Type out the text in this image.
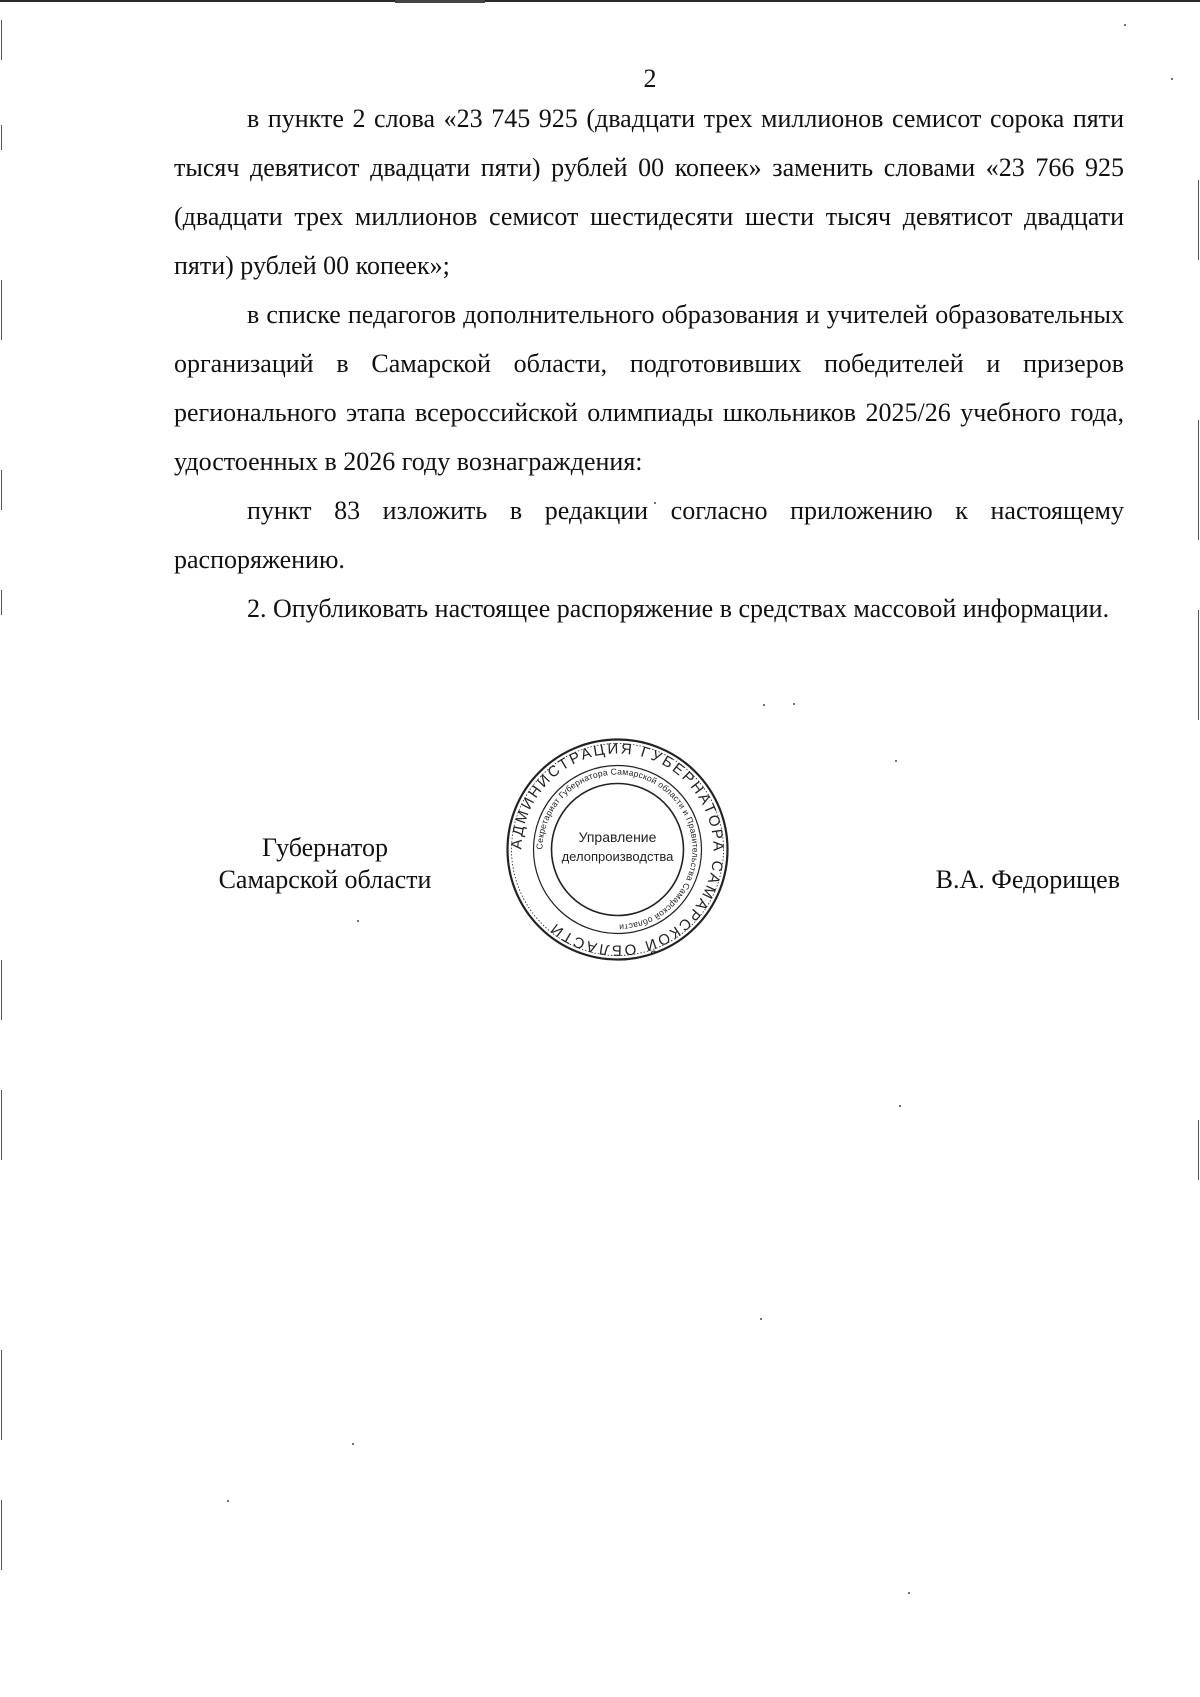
2

в пункте 2 слова «23 745 925 (двадцати трех миллионов семисот сорока пяти тысяч девятисот двадцати пяти) рублей 00 копеек» заменить словами «23 766 925 (двадцати трех миллионов семисот шестидесяти шести тысяч девятисот двадцати пяти) рублей 00 копеек»;

в списке педагогов дополнительного образования и учителей образовательных организаций в Самарской области, подготовивших победителей и призеров регионального этапа всероссийской олимпиады школьников 2025/26 учебного года, удостоенных в 2026 году вознаграждения:

пункт 83 изложить в редакции согласно приложению к настоящему распоряжению.

2. Опубликовать настоящее распоряжение в средствах массовой информации.

Губернатор
Самарской области	В.А. Федорищев
АДМИНИСТРАЦИЯ ГУБЕРНАТОРА САМАРСКОЙ ОБЛАСТИ
Секретариат Губернатора Самарской области и Правительства Самарской области
Управление
делопроизводства
